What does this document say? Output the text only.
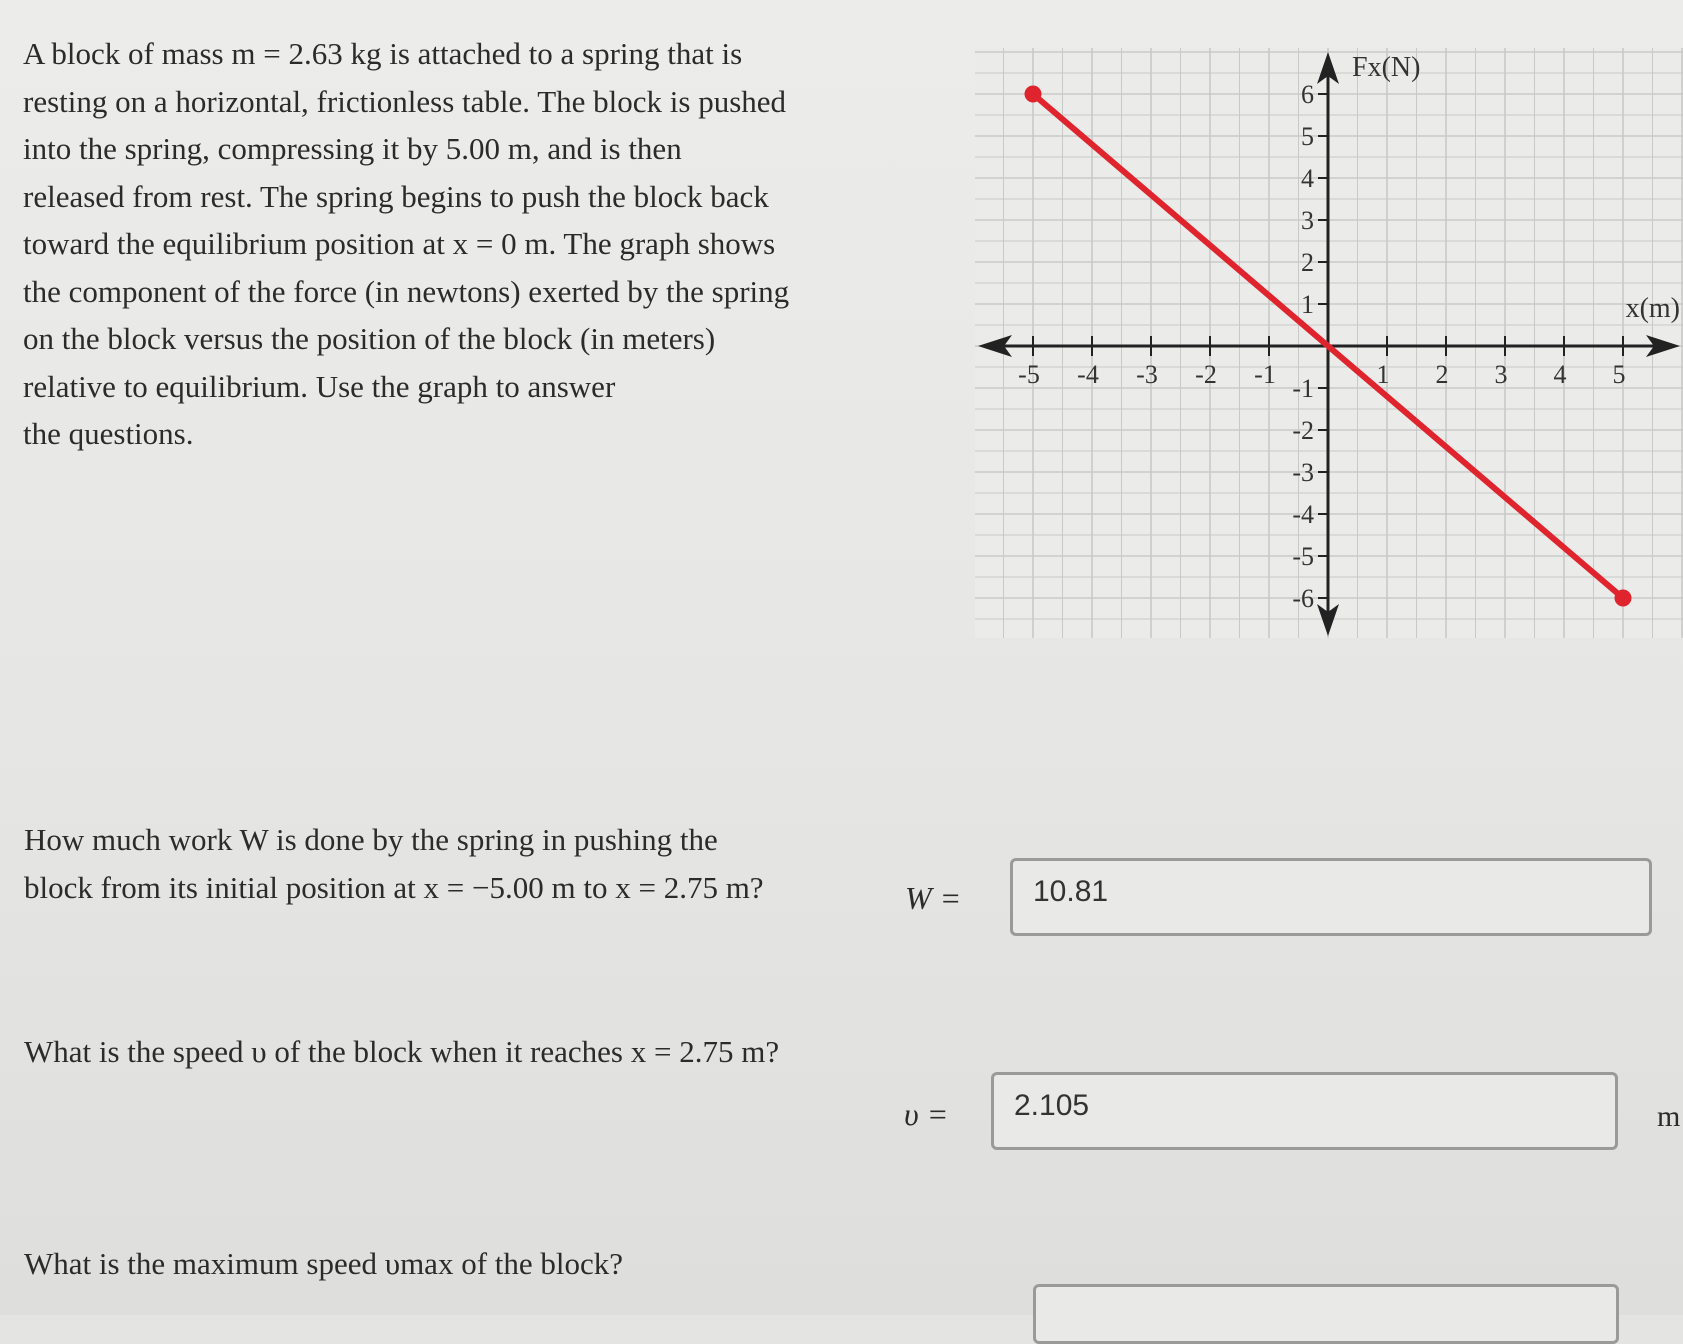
A block of mass m = 2.63 kg is attached to a spring that is
resting on a horizontal, frictionless table. The block is pushed
into the spring, compressing it by 5.00 m, and is then
released from rest. The spring begins to push the block back
toward the equilibrium position at x = 0 m. The graph shows
the component of the force (in newtons) exerted by the spring
on the block versus the position of the block (in meters)
relative to equilibrium. Use the graph to answer
the questions.
-5 -4 -3 -2 -1	1 2 3 4 5
6
5
4
3
2
1
-1
-2
-3
-4
-5
-6
Fx(N)
x(m)
How much work W is done by the spring in pushing the
block from its initial position at x = −5.00 m to x = 2.75 m?	W =	10.81
What is the speed υ of the block when it reaches x = 2.75 m?
υ =	2.105	m
What is the maximum speed υmax of the block?
